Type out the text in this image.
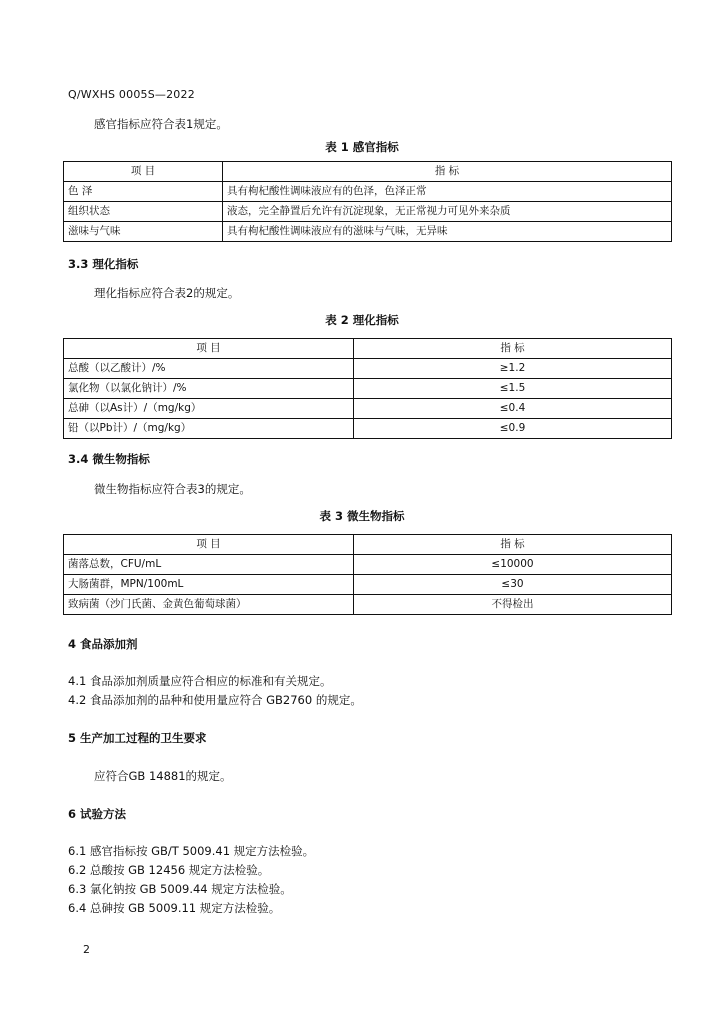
Q/WXHS 0005S—2022
感官指标应符合表1规定。
表 1 感官指标
项 目	指 标
色 泽	具有枸杞酸性调味液应有的色泽，色泽正常
组织状态	液态，完全静置后允许有沉淀现象，无正常视力可见外来杂质
滋味与气味	具有枸杞酸性调味液应有的滋味与气味，无异味
3.3 理化指标
理化指标应符合表2的规定。
表 2 理化指标
项 目	指 标
总酸（以乙酸计）/%	≥1.2
氯化物（以氯化钠计）/%	≤1.5
总砷（以As计）/（mg/kg）	≤0.4
铅（以Pb计）/（mg/kg）	≤0.9
3.4 微生物指标
微生物指标应符合表3的规定。
表 3 微生物指标
项 目	指 标
菌落总数，CFU/mL	≤10000
大肠菌群，MPN/100mL	≤30
致病菌（沙门氏菌、金黄色葡萄球菌）	不得检出
4 食品添加剂
4.1 食品添加剂质量应符合相应的标准和有关规定。
4.2 食品添加剂的品种和使用量应符合 GB2760 的规定。
5 生产加工过程的卫生要求
应符合GB 14881的规定。
6 试验方法
6.1 感官指标按 GB/T 5009.41 规定方法检验。
6.2 总酸按 GB 12456 规定方法检验。
6.3 氯化钠按 GB 5009.44 规定方法检验。
6.4 总砷按 GB 5009.11 规定方法检验。
2
